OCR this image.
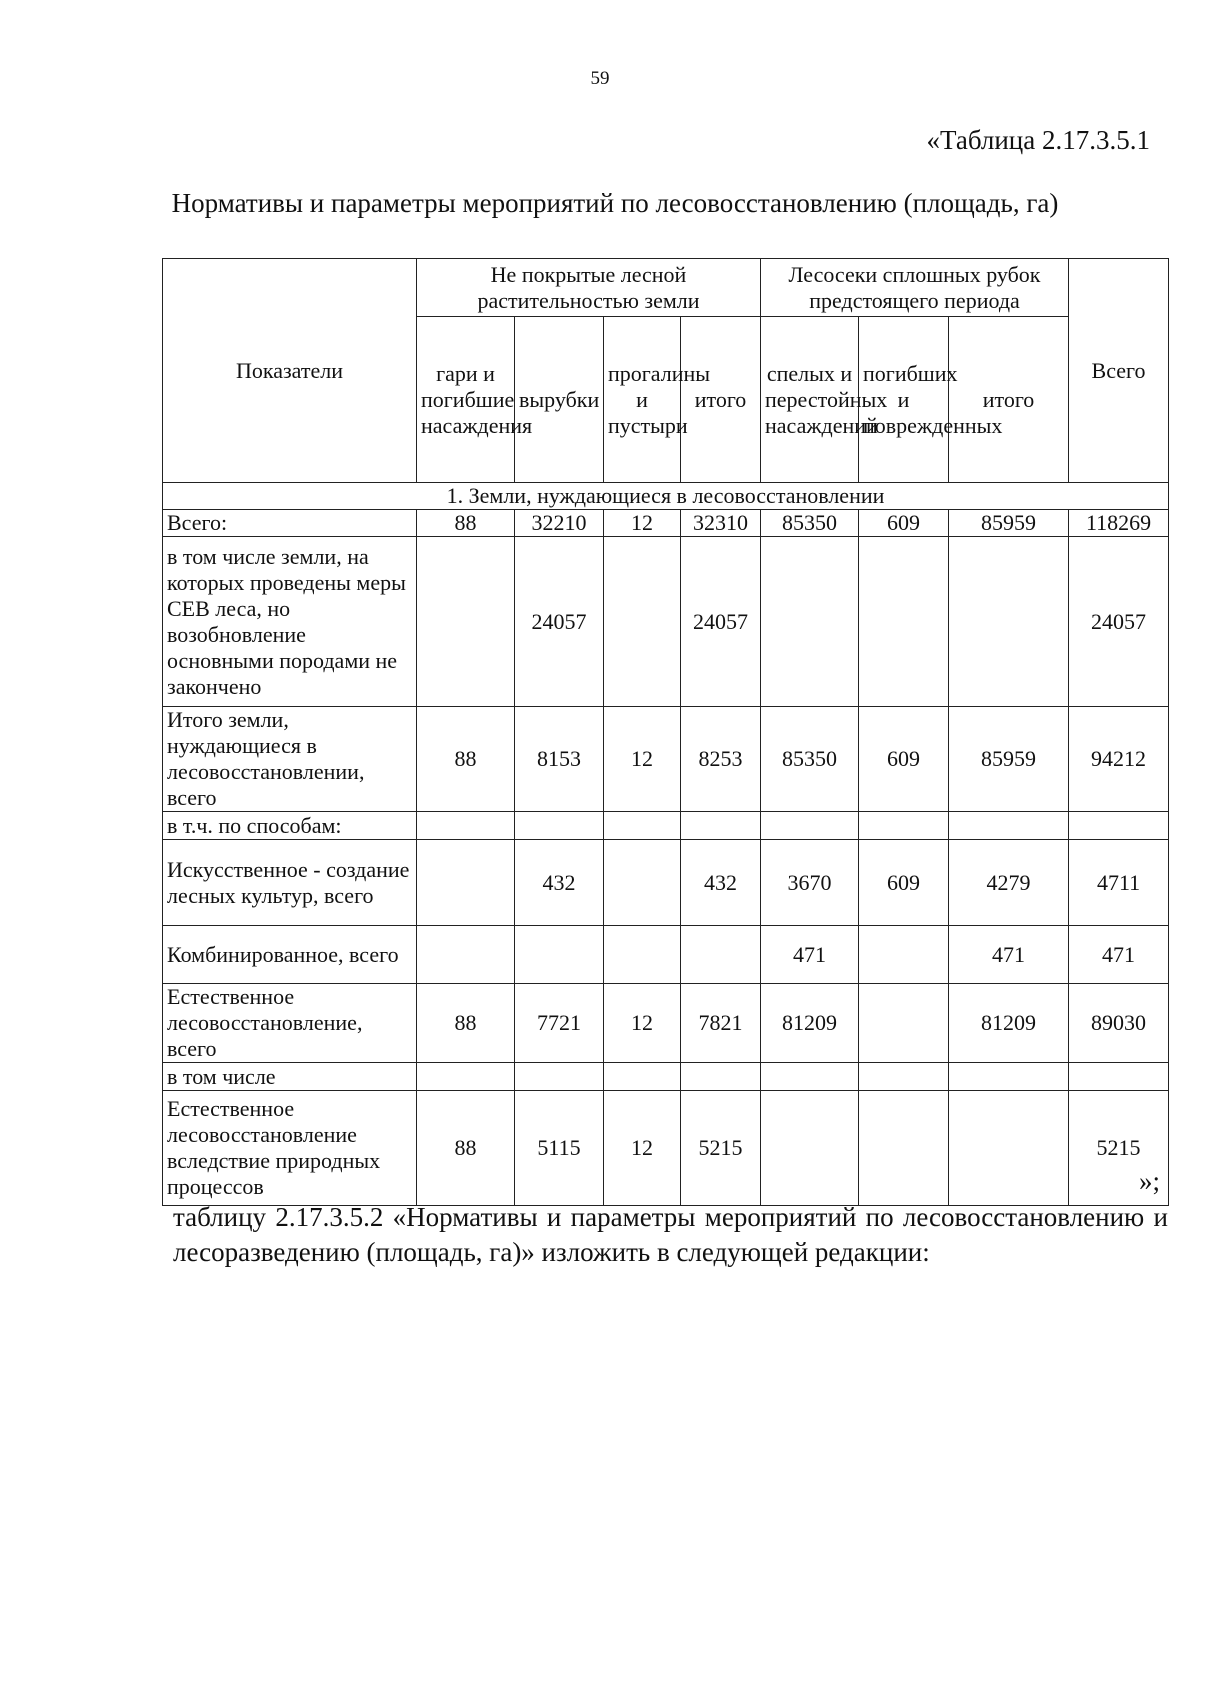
59
«Таблица 2.17.3.5.1
Нормативы и параметры мероприятий по лесовосстановлению (площадь, га)
Показатели	Не покрытые лесной растительностью земли				Лесосеки сплошных рубок предстоящего периода			Всего
	гари и погибшие насаждения	вырубки	прогалины и пустыри	итого	спелых и перестойных насаждений	погибших и поврежденных	итого	
1. Земли, нуждающиеся в лесовосстановлении								
Всего:	88	32210	12	32310	85350	609	85959	118269
в том числе земли, на которых проведены меры СЕВ леса, но возобновление основными породами не закончено		24057		24057				24057
Итого земли, нуждающиеся в лесовосстановлении, всего	88	8153	12	8253	85350	609	85959	94212
в т.ч. по способам:								
Искусственное - создание лесных культур, всего		432		432	3670	609	4279	4711
Комбинированное, всего					471		471	471
Естественное лесовосстановление, всего	88	7721	12	7821	81209		81209	89030
в том числе								
Естественное лесовосстановление вследствие природных процессов	88	5115	12	5215				5215
»;
таблицу 2.17.3.5.2 «Нормативы и параметры мероприятий по лесовосстановлению и лесоразведению (площадь, га)» изложить в следующей редакции:
